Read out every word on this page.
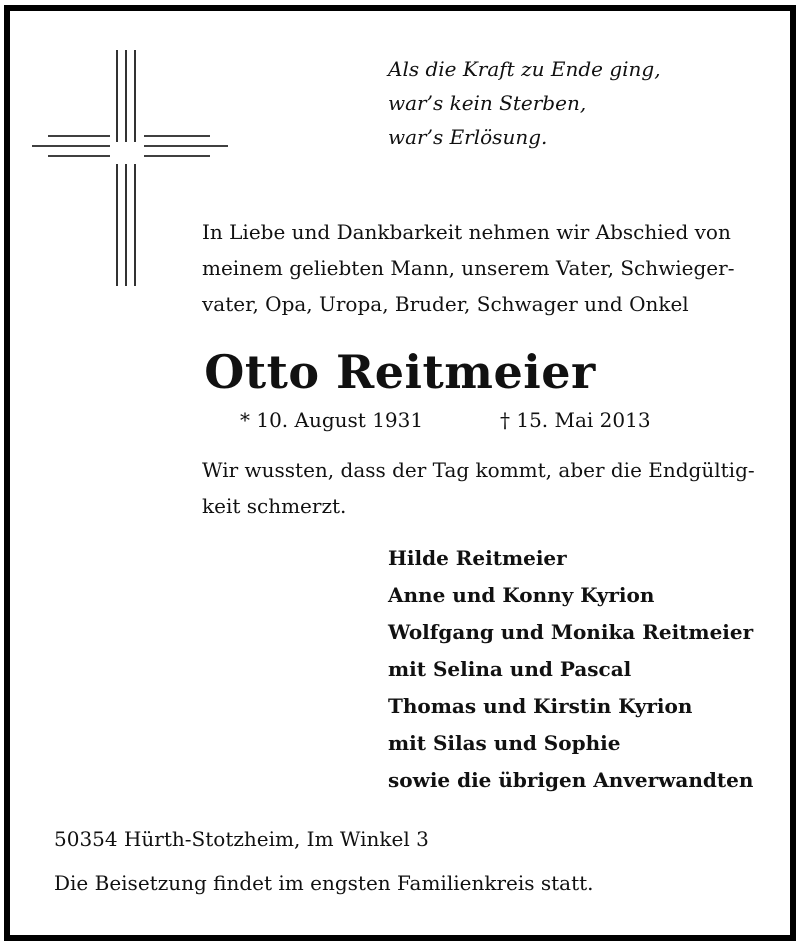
Als die Kraft zu Ende ging,
war’s kein Sterben,
war’s Erlösung.
In Liebe und Dankbarkeit nehmen wir Abschied von
meinem geliebten Mann, unserem Vater, Schwieger-
vater, Opa, Uropa, Bruder, Schwager und Onkel
Otto Reitmeier
* 10. August 1931	† 15. Mai 2013
Wir wussten, dass der Tag kommt, aber die Endgültig-
keit schmerzt.
Hilde Reitmeier
Anne und Konny Kyrion
Wolfgang und Monika Reitmeier
mit Selina und Pascal
Thomas und Kirstin Kyrion
mit Silas und Sophie
sowie die übrigen Anverwandten
50354 Hürth-Stotzheim, Im Winkel 3
Die Beisetzung findet im engsten Familienkreis statt.
